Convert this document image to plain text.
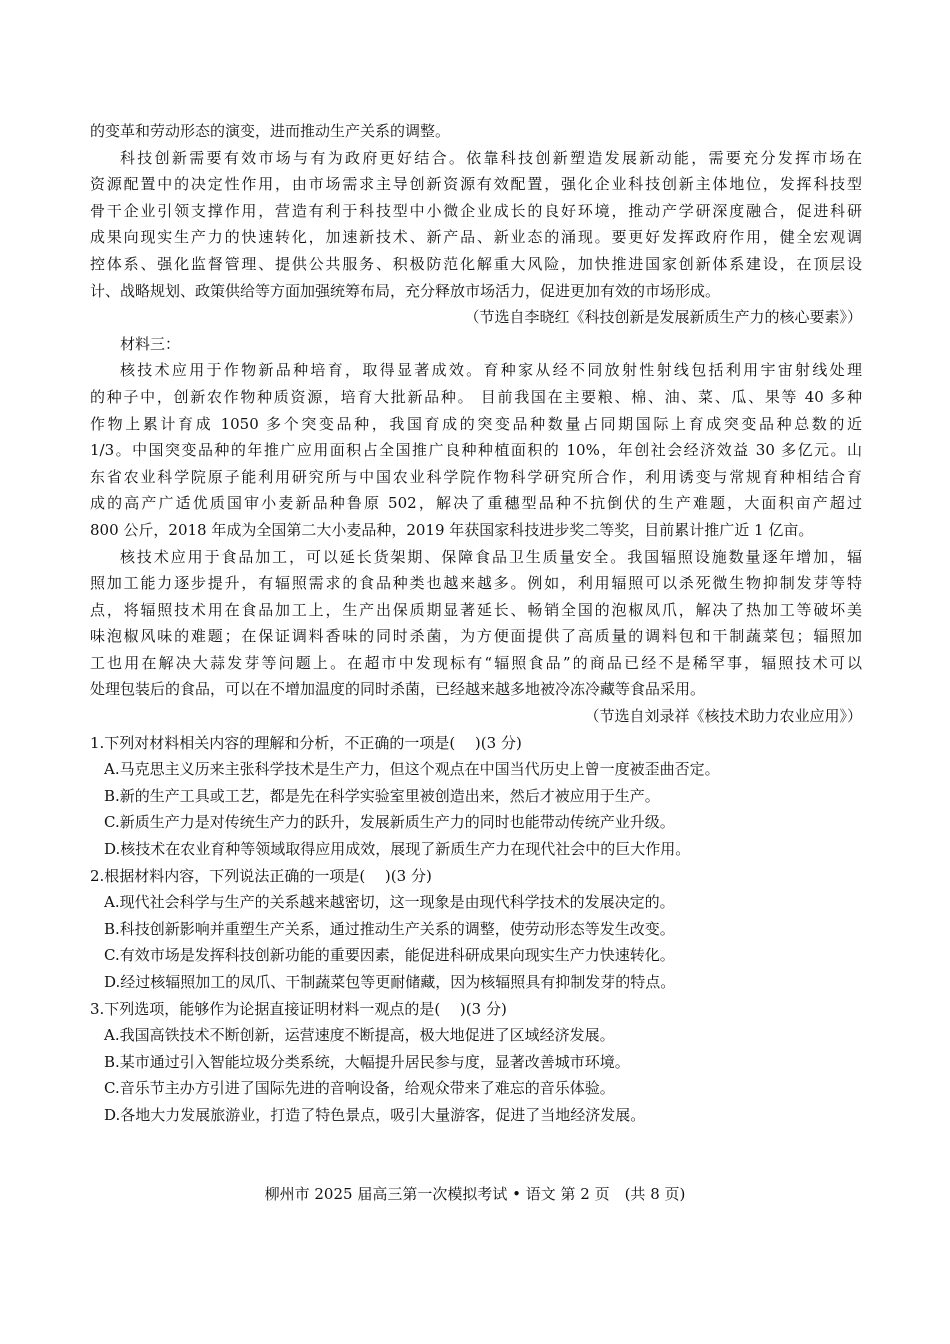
的变革和劳动形态的演变，进而推动生产关系的调整。
科技创新需要有效市场与有为政府更好结合。依靠科技创新塑造发展新动能，需要充分发挥市场在
资源配置中的决定性作用，由市场需求主导创新资源有效配置，强化企业科技创新主体地位，发挥科技型
骨干企业引领支撑作用，营造有利于科技型中小微企业成长的良好环境，推动产学研深度融合，促进科研
成果向现实生产力的快速转化，加速新技术、新产品、新业态的涌现。要更好发挥政府作用，健全宏观调
控体系、强化监督管理、提供公共服务、积极防范化解重大风险，加快推进国家创新体系建设，在顶层设
计、战略规划、政策供给等方面加强统筹布局，充分释放市场活力，促进更加有效的市场形成。
（节选自李晓红《科技创新是发展新质生产力的核心要素》）
材料三：
核技术应用于作物新品种培育，取得显著成效。育种家从经不同放射性射线包括利用宇宙射线处理
的种子中，创新农作物种质资源，培育大批新品种。 目前我国在主要粮、棉、油、菜、瓜、果等 40 多种
作物上累计育成 1050 多个突变品种，我国育成的突变品种数量占同期国际上育成突变品种总数的近
1/3。中国突变品种的年推广应用面积占全国推广良种种植面积的 10%，年创社会经济效益 30 多亿元。山
东省农业科学院原子能利用研究所与中国农业科学院作物科学研究所合作，利用诱变与常规育种相结合育
成的高产广适优质国审小麦新品种鲁原 502，解决了重穗型品种不抗倒伏的生产难题，大面积亩产超过
800 公斤，2018 年成为全国第二大小麦品种，2019 年获国家科技进步奖二等奖，目前累计推广近 1 亿亩。
核技术应用于食品加工，可以延长货架期、保障食品卫生质量安全。我国辐照设施数量逐年增加，辐
照加工能力逐步提升，有辐照需求的食品种类也越来越多。例如，利用辐照可以杀死微生物抑制发芽等特
点，将辐照技术用在食品加工上，生产出保质期显著延长、畅销全国的泡椒凤爪，解决了热加工等破坏美
味泡椒风味的难题；在保证调料香味的同时杀菌，为方便面提供了高质量的调料包和干制蔬菜包；辐照加
工也用在解决大蒜发芽等问题上。在超市中发现标有“辐照食品”的商品已经不是稀罕事，辐照技术可以
处理包装后的食品，可以在不增加温度的同时杀菌，已经越来越多地被冷冻冷藏等食品采用。
（节选自刘录祥《核技术助力农业应用》）
1.下列对材料相关内容的理解和分析，不正确的一项是(　 )(3 分)
A.马克思主义历来主张科学技术是生产力，但这个观点在中国当代历史上曾一度被歪曲否定。
B.新的生产工具或工艺，都是先在科学实验室里被创造出来，然后才被应用于生产。
C.新质生产力是对传统生产力的跃升，发展新质生产力的同时也能带动传统产业升级。
D.核技术在农业育种等领域取得应用成效，展现了新质生产力在现代社会中的巨大作用。
2.根据材料内容，下列说法正确的一项是(　 )(3 分)
A.现代社会科学与生产的关系越来越密切，这一现象是由现代科学技术的发展决定的。
B.科技创新影响并重塑生产关系，通过推动生产关系的调整，使劳动形态等发生改变。
C.有效市场是发挥科技创新功能的重要因素，能促进科研成果向现实生产力快速转化。
D.经过核辐照加工的凤爪、干制蔬菜包等更耐储藏，因为核辐照具有抑制发芽的特点。
3.下列选项，能够作为论据直接证明材料一观点的是(　 )(3 分)
A.我国高铁技术不断创新，运营速度不断提高，极大地促进了区域经济发展。
B.某市通过引入智能垃圾分类系统，大幅提升居民参与度，显著改善城市环境。
C.音乐节主办方引进了国际先进的音响设备，给观众带来了难忘的音乐体验。
D.各地大力发展旅游业，打造了特色景点，吸引大量游客，促进了当地经济发展。
柳州市 2025 届高三第一次模拟考试 • 语文 第 2 页　(共 8 页)
